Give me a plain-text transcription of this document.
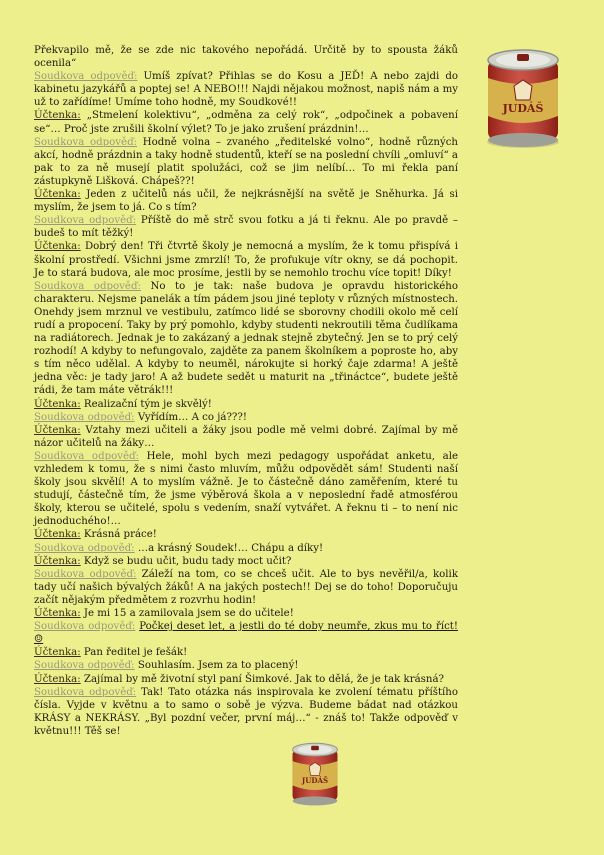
Překvapilo mě, že se zde nic takového nepořádá. Určitě by to spousta žáků ocenila“

Soudkova odpověď: Umíš zpívat? Přihlas se do Kosu a JEĎ! A nebo zajdi do kabinetu jazykářů a poptej se! A NEBO!!! Najdi nějakou možnost, napiš nám a my už to zařídíme! Umíme toho hodně, my Soudkové!!

Účtenka: „Stmelení kolektivu“, „odměna za celý rok“, „odpočinek a pobavení se“… Proč jste zrušili školní výlet? To je jako zrušení prázdnin!…

Soudkova odpověď: Hodně volna – zvaného „ředitelské volno“, hodně různých akcí, hodně prázdnin a taky hodně studentů, kteří se na poslední chvíli „omluví“ a pak to za ně musejí platit spolužáci, což se jim nelíbí… To mi řekla paní zástupkyně Lišková. Chápeš??!

Účtenka: Jeden z učitelů nás učil, že nejkrásnější na světě je Sněhurka. Já si myslím, že jsem to já. Co s tím?

Soudkova odpověď: Příště do mě strč svou fotku a já ti řeknu. Ale po pravdě – budeš to mít těžký!

Účtenka: Dobrý den! Tři čtvrtě školy je nemocná a myslím, že k tomu přispívá i školní prostředí. Všichni jsme zmrzlí! To, že profukuje vítr okny, se dá pochopit. Je to stará budova, ale moc prosíme, jestli by se nemohlo trochu více topit! Díky!

Soudkova odpověď: No to je tak: naše budova je opravdu historického charakteru. Nejsme panelák a tím pádem jsou jiné teploty v různých místnostech. Onehdy jsem mrznul ve vestibulu, zatímco lidé se sborovny chodili okolo mě celí rudí a propocení. Taky by prý pomohlo, kdyby studenti nekroutili těma čudlíkama na radiátorech. Jednak je to zakázaný a jednak stejně zbytečný. Jen se to prý celý rozhodí! A kdyby to nefungovalo, zajděte za panem školníkem a poproste ho, aby s tím něco udělal. A kdyby to neuměl, nárokujte si horký čaje zdarma! A ještě jedna věc: je tady jaro! A až budete sedět u maturit na „třináctce“, budete ještě rádi, že tam máte větrák!!!

Účtenka: Realizační tým je skvělý!

Soudkova odpověď: Vyřídím… A co já???!

Účtenka: Vztahy mezi učiteli a žáky jsou podle mě velmi dobré. Zajímal by mě názor učitelů na žáky…

Soudkova odpověď: Hele, mohl bych mezi pedagogy uspořádat anketu, ale vzhledem k tomu, že s nimi často mluvím, můžu odpovědět sám! Studenti naší školy jsou skvělí! A to myslím vážně. Je to částečně dáno zaměřením, které tu studují, částečně tím, že jsme výběrová škola a v neposlední řadě atmosférou školy, kterou se učitelé, spolu s vedením, snaží vytvářet. A řeknu ti – to není nic jednoduchého!…

Účtenka: Krásná práce!

Soudkova odpověď: …a krásný Soudek!… Chápu a díky!

Účtenka: Když se budu učit, budu tady moct učit?

Soudkova odpověď: Záleží na tom, co se chceš učit. Ale to bys nevěřil/a, kolik tady učí našich bývalých žáků! A na jakých postech!! Dej se do toho! Doporučuju začít nějakým předmětem z rozvrhu hodin!

Účtenka: Je mi 15 a zamilovala jsem se do učitele!

Soudkova odpověď: Počkej deset let, a jestli do té doby neumře, zkus mu to říct! ☺

Účtenka: Pan ředitel je fešák!

Soudkova odpověď: Souhlasím. Jsem za to placený!

Účtenka: Zajímal by mě životní styl paní Šimkové. Jak to dělá, že je tak krásná?

Soudkova odpověď: Tak! Tato otázka nás inspirovala ke zvolení tématu příštího čísla. Vyjde v květnu a to samo o sobě je výzva. Budeme bádat nad otázkou KRÁSY a NEKRÁSY. „Byl pozdní večer, první máj…“ - znáš to! Takže odpověď v květnu!!! Těš se!

JUDÁŠ
JUDÁŠ
